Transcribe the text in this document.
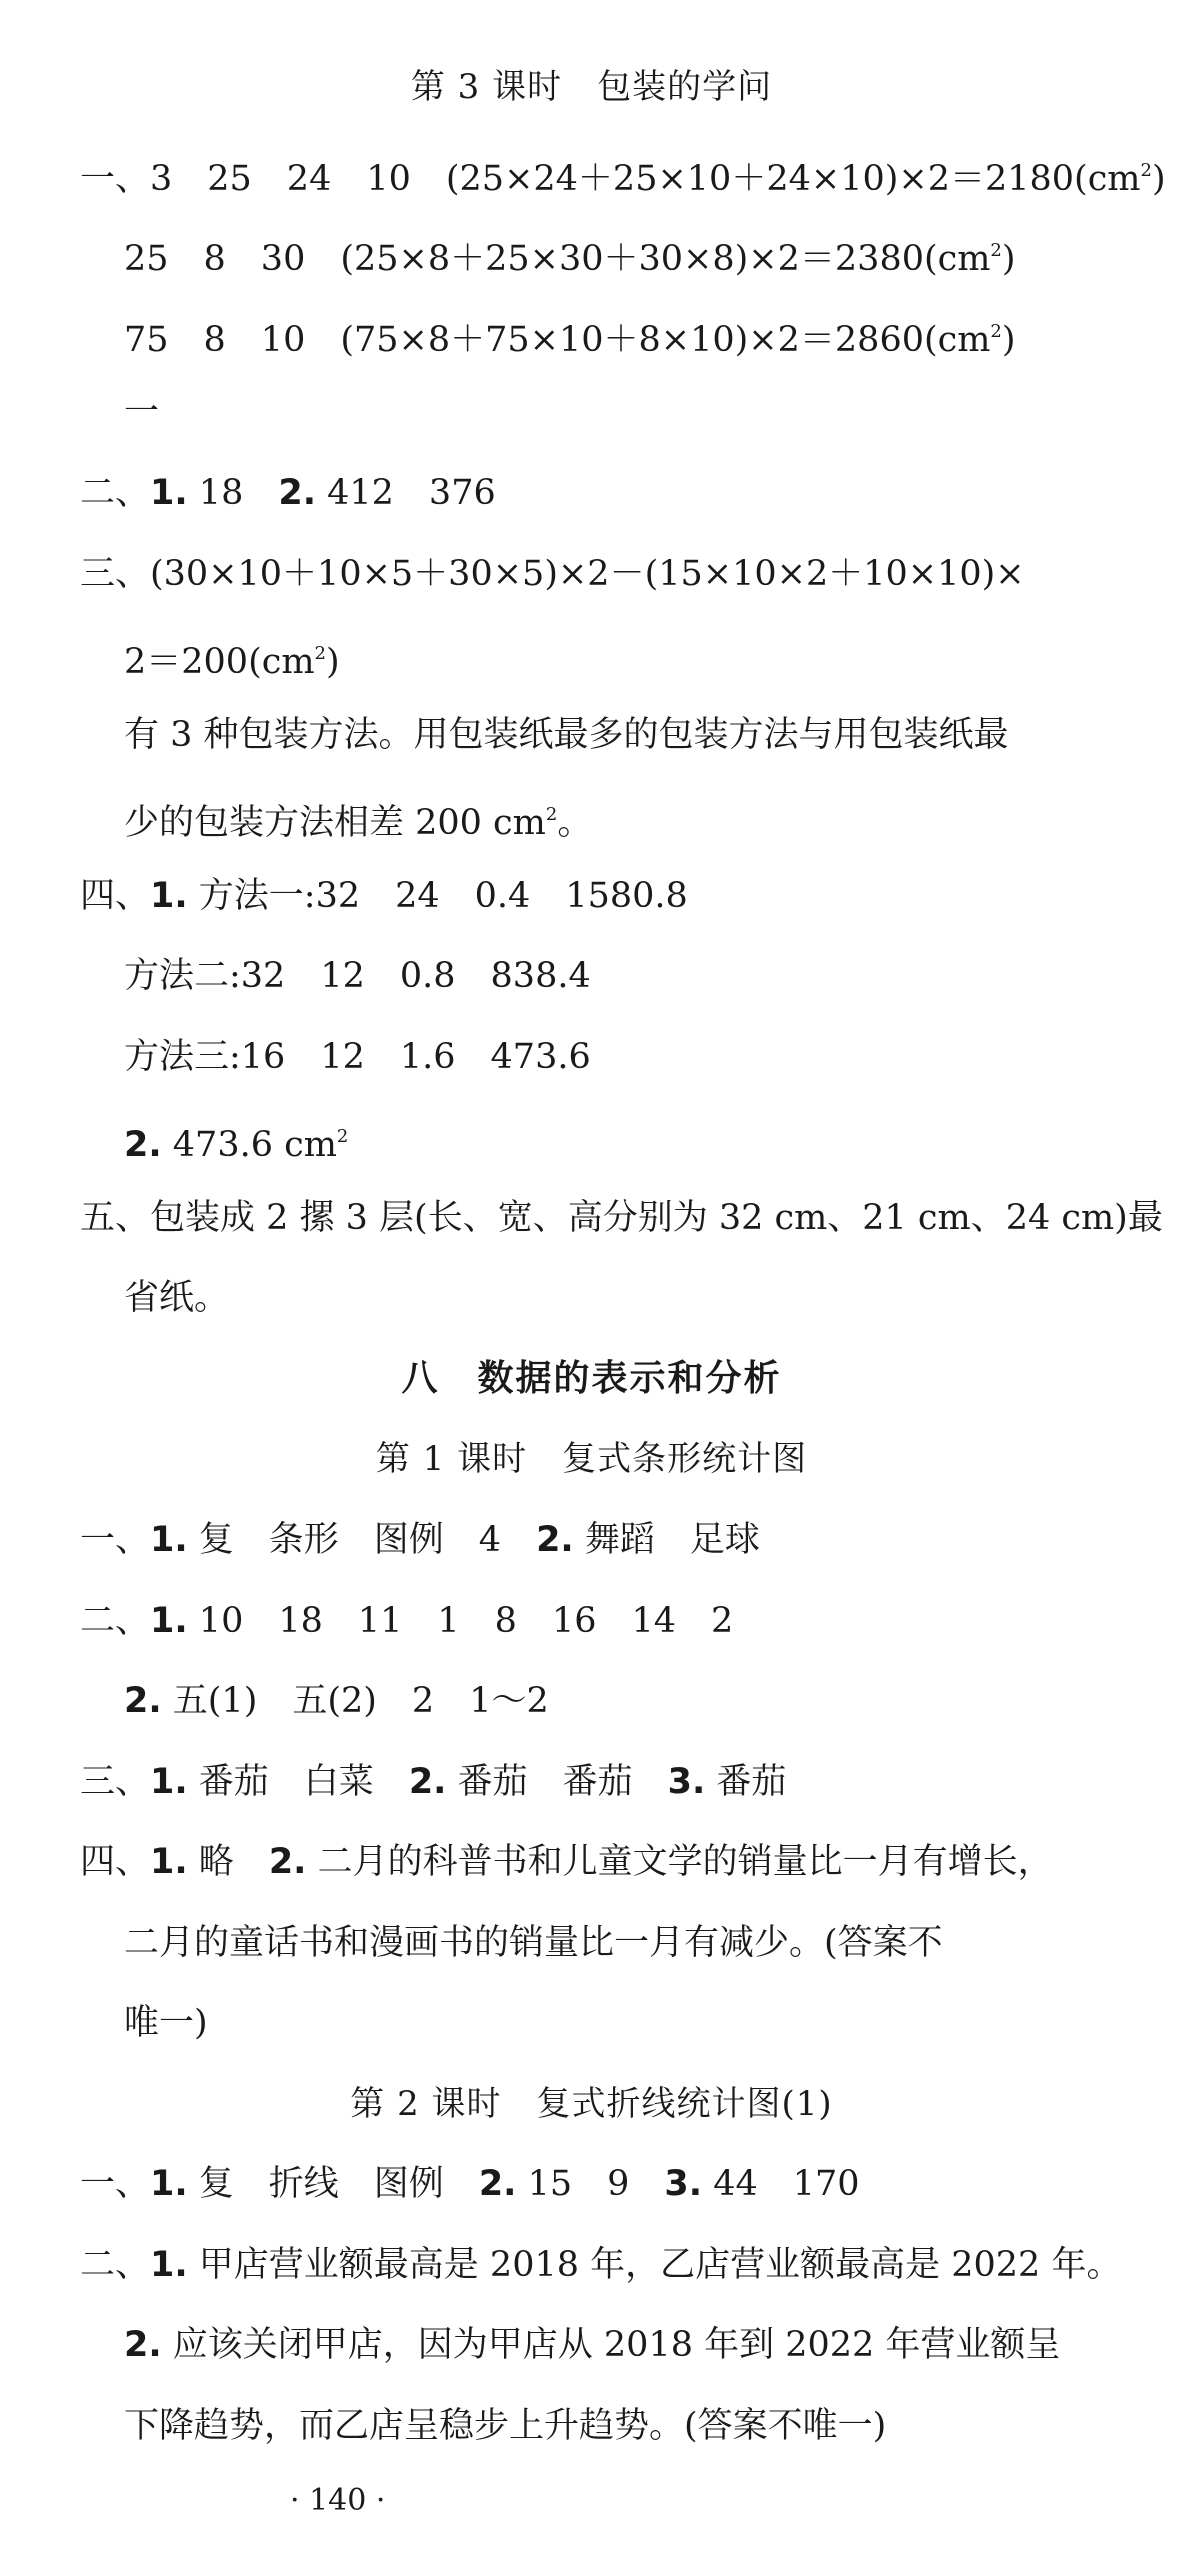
第 3 课时　包装的学问
一、3　25　24　10　$(25\times 24+25\times 10+24\times 10)\times 2=2180(cm^2)$
25　8　30　$(25\times 8+25\times 30+30\times 8)\times 2=2380(cm^2)$
75　8　10　$(75\times 8+75\times 10+8\times 10)\times 2=2860(cm^2)$
一
二、1. 18　2. 412　376
三、(30×10＋10×5＋30×5)×2－(15×10×2＋10×10)×
$2=200(cm^2)$
有 3 种包装方法。用包装纸最多的包装方法与用包装纸最
少的包装方法相差 200 $cm^2$。
四、1. 方法一:32　24　0.4　1580.8
方法二:32　12　0.8　838.4
方法三:16　12　1.6　473.6
2. 473.6 $cm^2$
五、包装成 2 摞 3 层(长、宽、高分别为 32 cm、21 cm、24 cm)最
省纸。
八　数据的表示和分析
第 1 课时　复式条形统计图
一、1. 复　条形　图例　4　2. 舞蹈　足球
二、1. 10　18　11　1　8　16　14　2
2. 五(1)　五(2)　2　1～2
三、1. 番茄　白菜　2. 番茄　番茄　3. 番茄
四、1. 略　2. 二月的科普书和儿童文学的销量比一月有增长，
二月的童话书和漫画书的销量比一月有减少。(答案不
唯一)
第 2 课时　复式折线统计图(1)
一、1. 复　折线　图例　2. 15　9　3. 44　170
二、1. 甲店营业额最高是 2018 年，乙店营业额最高是 2022 年。
2. 应该关闭甲店，因为甲店从 2018 年到 2022 年营业额呈
下降趋势，而乙店呈稳步上升趋势。(答案不唯一)
· 140 ·
